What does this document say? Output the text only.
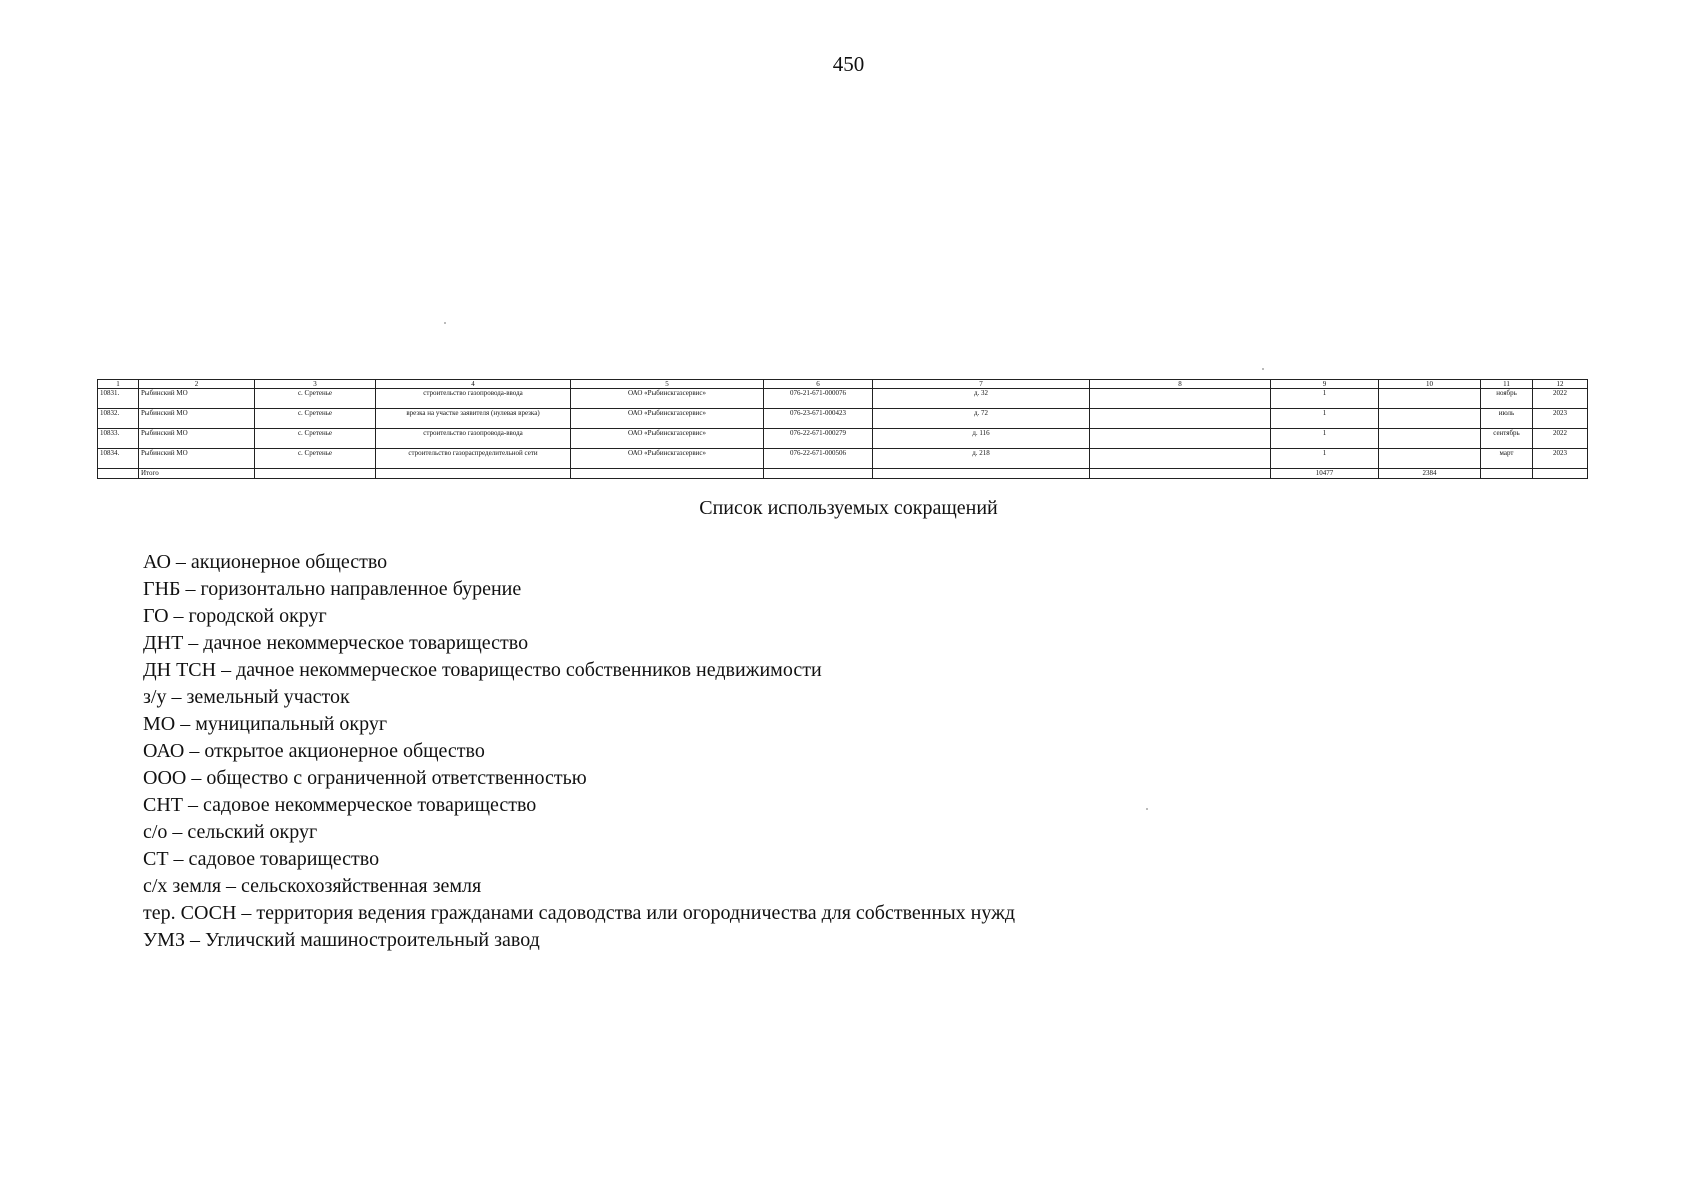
450
1	2	3	4	5	6	7	8	9	10	11	12
10831.	Рыбинский МО	с. Сретенье	строительство газопровода-ввода	ОАО «Рыбинскгазсервис»	076-21-671-000076	д. 32		1		ноябрь	2022
10832.	Рыбинский МО	с. Сретенье	врезка на участке заявителя (нулевая врезка)	ОАО «Рыбинскгазсервис»	076-23-671-000423	д. 72		1		июль	2023
10833.	Рыбинский МО	с. Сретенье	строительство газопровода-ввода	ОАО «Рыбинскгазсервис»	076-22-671-000279	д. 116		1		сентябрь	2022
10834.	Рыбинский МО	с. Сретенье	строительство газораспределительной сети	ОАО «Рыбинскгазсервис»	076-22-671-000506	д. 218		1		март	2023
	Итого							10477	2384		
Список используемых сокращений
АО – акционерное общество
ГНБ – горизонтально направленное бурение
ГО – городской округ
ДНТ – дачное некоммерческое товарищество
ДН ТСН – дачное некоммерческое товарищество собственников недвижимости
з/у – земельный участок
МО – муниципальный округ
ОАО – открытое акционерное общество
ООО – общество с ограниченной ответственностью
СНТ – садовое некоммерческое товарищество
с/о – сельский округ
СТ – садовое товарищество
с/х земля – сельскохозяйственная земля
тер. СОСН – территория ведения гражданами садоводства или огородничества для собственных нужд
УМЗ – Угличский машиностроительный завод
